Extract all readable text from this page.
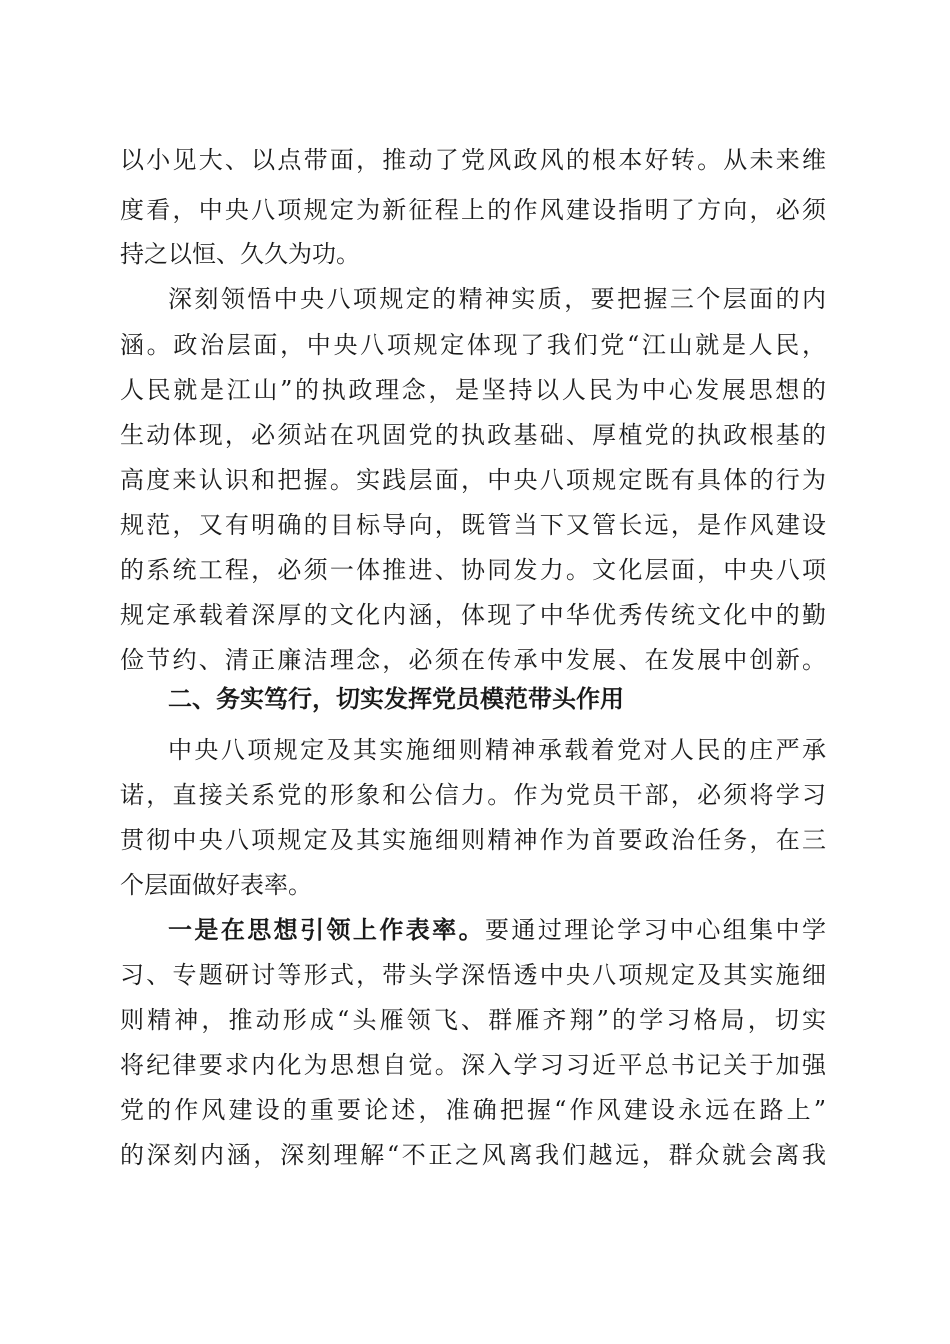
以小见大、以点带面，推动了党风政风的根本好转。从未来维
度看，中央八项规定为新征程上的作风建设指明了方向，必须
持之以恒、久久为功。
深刻领悟中央八项规定的精神实质，要把握三个层面的内
涵。政治层面，中央八项规定体现了我们党“江山就是人民，
人民就是江山”的执政理念，是坚持以人民为中心发展思想的
生动体现，必须站在巩固党的执政基础、厚植党的执政根基的
高度来认识和把握。实践层面，中央八项规定既有具体的行为
规范，又有明确的目标导向，既管当下又管长远，是作风建设
的系统工程，必须一体推进、协同发力。文化层面，中央八项
规定承载着深厚的文化内涵，体现了中华优秀传统文化中的勤
俭节约、清正廉洁理念，必须在传承中发展、在发展中创新。
二、务实笃行，切实发挥党员模范带头作用
中央八项规定及其实施细则精神承载着党对人民的庄严承
诺，直接关系党的形象和公信力。作为党员干部，必须将学习
贯彻中央八项规定及其实施细则精神作为首要政治任务，在三
个层面做好表率。
一是在思想引领上作表率。要通过理论学习中心组集中学
习、专题研讨等形式，带头学深悟透中央八项规定及其实施细
则精神，推动形成“头雁领飞、群雁齐翔”的学习格局，切实
将纪律要求内化为思想自觉。深入学习习近平总书记关于加强
党的作风建设的重要论述，准确把握“作风建设永远在路上”
的深刻内涵，深刻理解“不正之风离我们越远，群众就会离我
